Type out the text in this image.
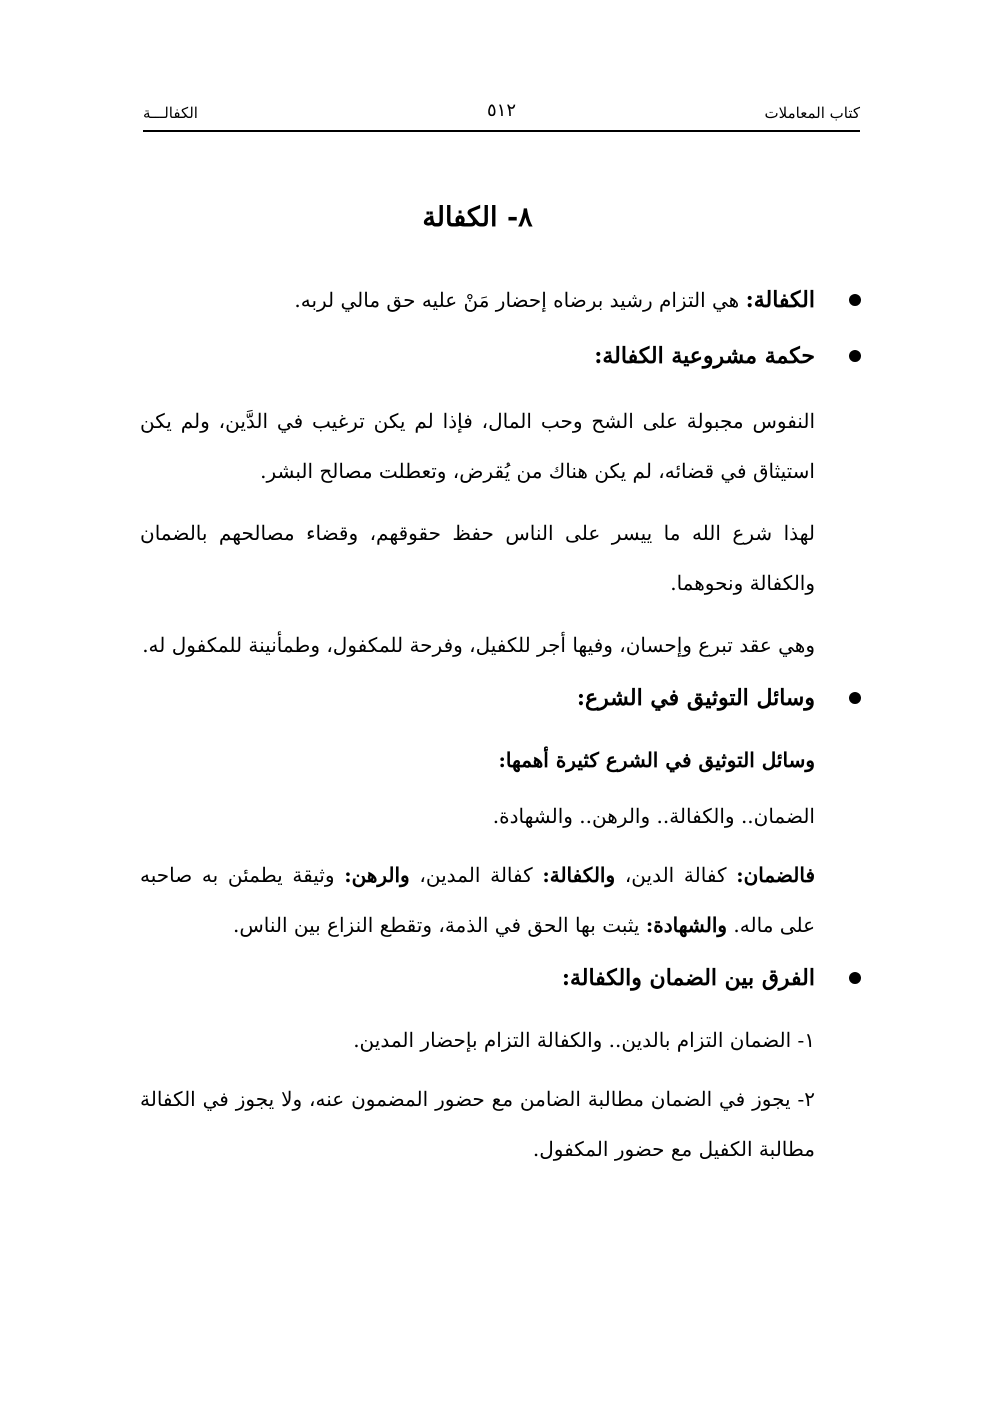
كتاب المعاملات
٥١٢
الكفالـــة
٨- الكفالة
الكفالة: هي التزام رشيد برضاه إحضار مَنْ عليه حق مالي لربه.
حكمة مشروعية الكفالة:

النفوس مجبولة على الشح وحب المال، فإذا لم يكن ترغيب في الدَّين، ولم يكن استيثاق في قضائه، لم يكن هناك من يُقرض، وتعطلت مصالح البشر.

لهذا شرع الله ما ييسر على الناس حفظ حقوقهم، وقضاء مصالحهم بالضمان والكفالة ونحوهما.

وهي عقد تبرع وإحسان، وفيها أجر للكفيل، وفرحة للمكفول، وطمأنينة للمكفول له.

وسائل التوثيق في الشرع:
وسائل التوثيق في الشرع كثيرة أهمها:
الضمان.. والكفالة.. والرهن.. والشهادة.

فالضمان: كفالة الدين، والكفالة: كفالة المدين، والرهن: وثيقة يطمئن به صاحبه على ماله. والشهادة: يثبت بها الحق في الذمة، وتقطع النزاع بين الناس.

الفرق بين الضمان والكفالة:
١- الضمان التزام بالدين.. والكفالة التزام بإحضار المدين.

٢- يجوز في الضمان مطالبة الضامن مع حضور المضمون عنه، ولا يجوز في الكفالة مطالبة الكفيل مع حضور المكفول.
